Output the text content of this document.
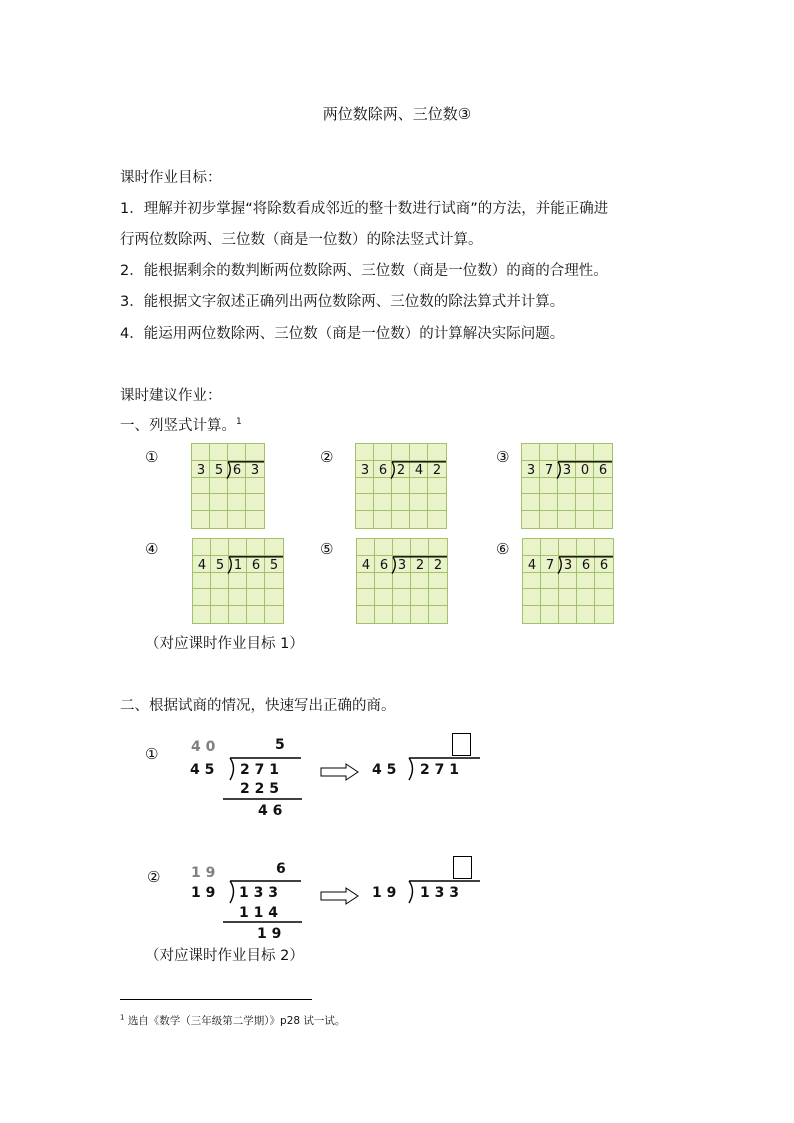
两位数除两、三位数③
课时作业目标：
1．理解并初步掌握“将除数看成邻近的整十数进行试商”的方法，并能正确进
行两位数除两、三位数（商是一位数）的除法竖式计算。
2．能根据剩余的数判断两位数除两、三位数（商是一位数）的商的合理性。
3．能根据文字叙述正确列出两位数除两、三位数的除法算式并计算。
4．能运用两位数除两、三位数（商是一位数）的计算解决实际问题。
课时建议作业：
一、列竖式计算。$^1$
①	②	③
④	⑤	⑥
3 5 6 3	3 6 2 4 2	3 7 3 0 6
4 5 1 6 5	4 6 3 2 2	4 7 3 6 6
（对应课时作业目标 1）
二、根据试商的情况，快速写出正确的商。
① 4 0	5
4 5 2 7 1
2 2 5
4 6
4 5 2 7 1
② 1 9	6
1 9 1 3 3
1 1 4
1 9
1 9 1 3 3
（对应课时作业目标 2）
$^1$ 选自《数学（三年级第二学期）》p28 试一试。
